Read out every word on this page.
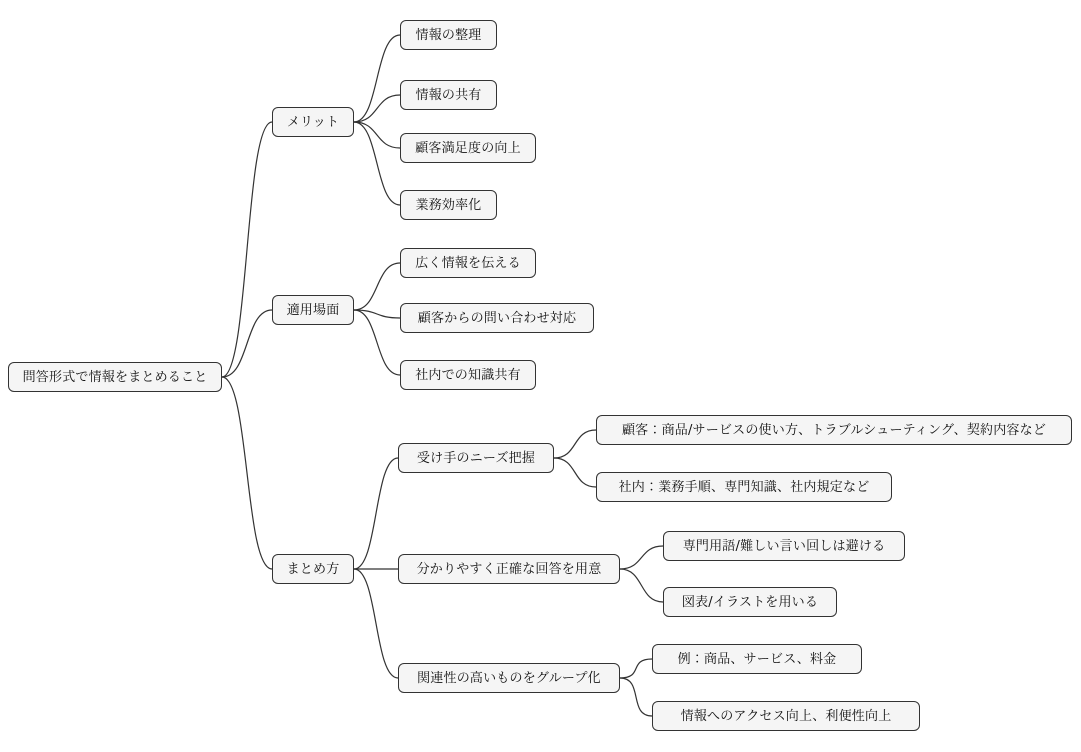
問答形式で情報をまとめること
メリット
情報の整理
情報の共有
顧客満足度の向上
業務効率化
適用場面
広く情報を伝える
顧客からの問い合わせ対応
社内での知識共有
まとめ方
受け手のニーズ把握
顧客：商品/サービスの使い方、トラブルシューティング、契約内容など
社内：業務手順、専門知識、社内規定など
分かりやすく正確な回答を用意
専門用語/難しい言い回しは避ける
図表/イラストを用いる
関連性の高いものをグループ化
例：商品、サービス、料金
情報へのアクセス向上、利便性向上
